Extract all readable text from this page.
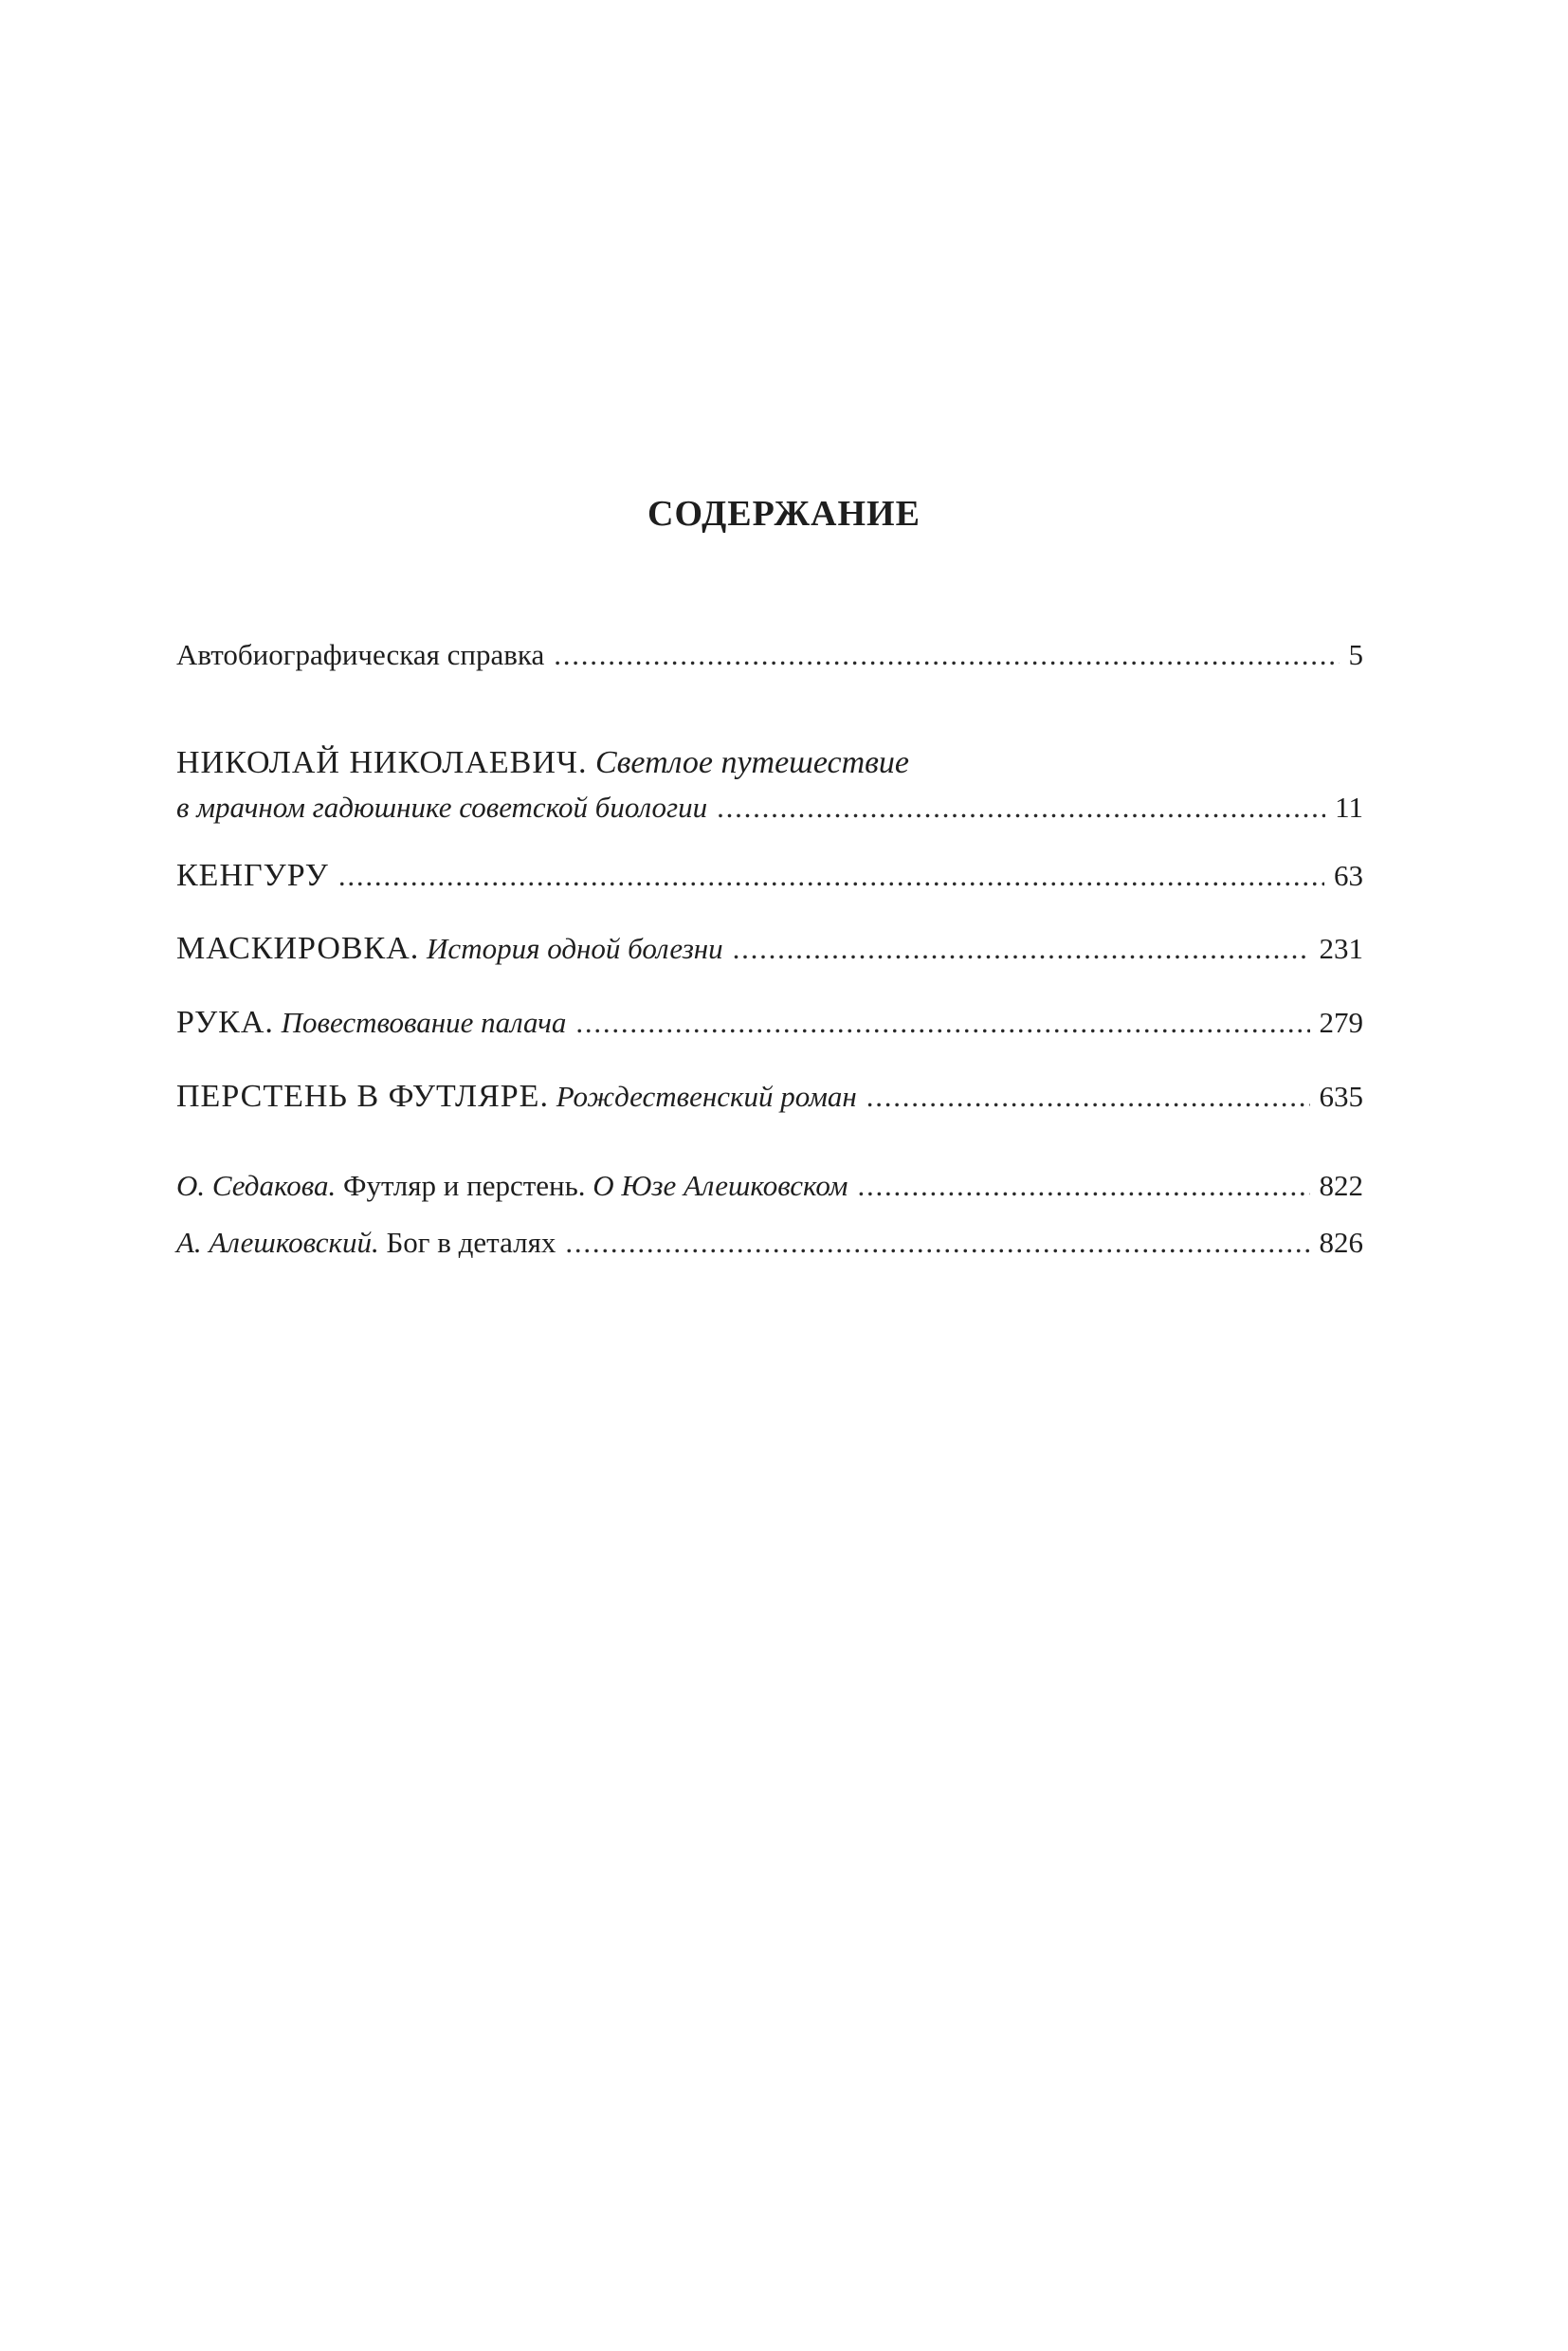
СОДЕРЖАНИЕ
Автобиографическая справка . . .	5
НИКОЛАЙ НИКОЛАЕВИЧ. Светлое путешествие
в мрачном гадюшнике советской биологии . . .	11
КЕНГУРУ . . .	63
МАСКИРОВКА. История одной болезни . . .	231
РУКА. Повествование палача . . .	279
ПЕРСТЕНЬ В ФУТЛЯРЕ. Рождественский роман . . .	635
О. Седакова. Футляр и перстень. О Юзе Алешковском . . .	822
А. Алешковский. Бог в деталях . . .	826
